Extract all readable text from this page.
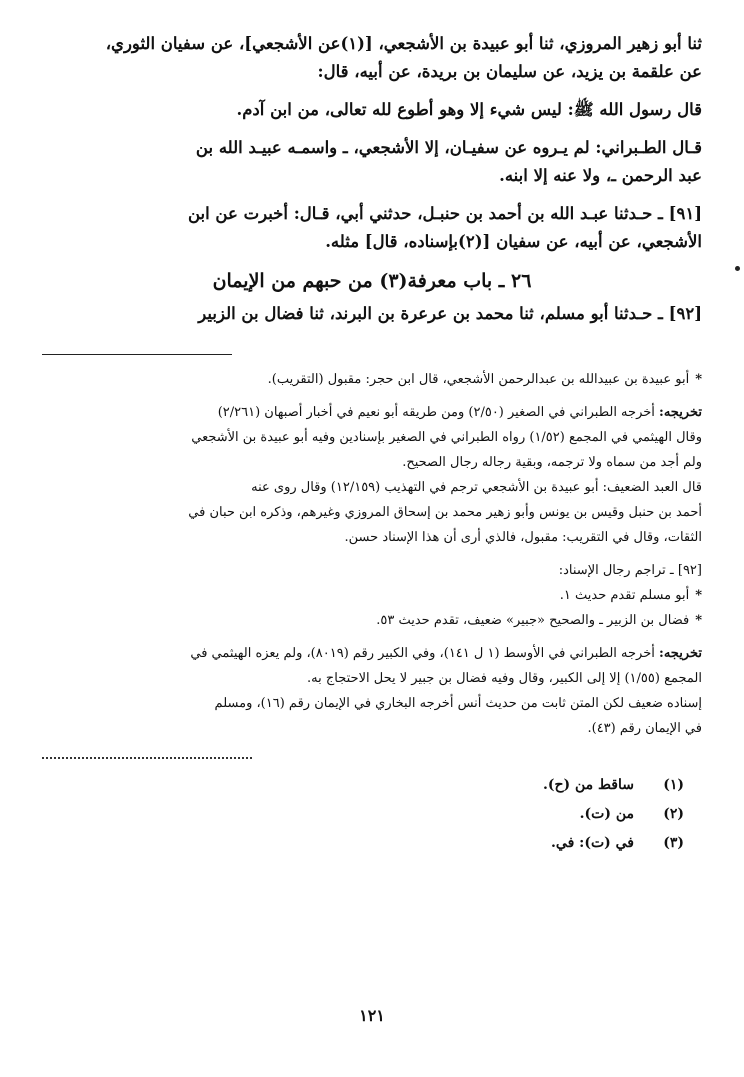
ثنا أبو زهير المروزي، ثنا أبو عبيدة بن الأشجعي، [(١)عن الأشجعي]، عن سفيان الثوري،

عن علقمة بن يزيد، عن سليمان بن بريدة، عن أبيه، قال:

قال رسول الله ﷺ: ليس شيء إلا وهو أطوع لله تعالى، من ابن آدم.

قـال الطـبراني: لم يـروه عن سفيـان، إلا الأشجعي، ـ واسمـه عبيـد الله بن

عبد الرحمن ـ، ولا عنه إلا ابنه.

[٩١] ـ حـدثنا عبـد الله بن أحمد بن حنبـل، حدثني أبي، قـال: أخبرت عن ابن

الأشجعي، عن أبيه، عن سفيان [(٢)بإسناده، قال] مثله.

٢٦ ـ باب معرفة(٣) من حبهم من الإيمان

[٩٢] ـ حـدثنا أبو مسلم، ثنا محمد بن عرعرة بن البرند، ثنا فضال بن الزبير

*أبو عبيدة بن عبيدالله بن عبدالرحمن الأشجعي، قال ابن حجر: مقبول (التقريب).

تخريجه: أخرجه الطبراني في الصغير (٢/٥٠) ومن طريقه أبو نعيم في أخبار أصبهان (٢/٢٦١)

وقال الهيثمي في المجمع (١/٥٢) رواه الطبراني في الصغير بإسنادين وفيه أبو عبيدة بن الأشجعي

ولم أجد من سماه ولا ترجمه، وبقية رجاله رجال الصحيح.

قال العبد الضعيف: أبو عبيدة بن الأشجعي ترجم في التهذيب (١٢/١٥٩) وقال روى عنه

أحمد بن حنبل وقيس بن يونس وأبو زهير محمد بن إسحاق المروزي وغيرهم، وذكره ابن حبان في

الثقات، وقال في التقريب: مقبول، فالذي أرى أن هذا الإسناد حسن.

[٩٢] ـ تراجم رجال الإسناد:

*أبو مسلم تقدم حديث ١.

*فضال بن الزبير ـ والصحيح «جبير» ضعيف، تقدم حديث ٥٣.

تخريجه: أخرجه الطبراني في الأوسط (١ ل ١٤١)، وفي الكبير رقم (٨٠١٩)، ولم يعزه الهيثمي في

المجمع (١/٥٥) إلا إلى الكبير، وقال وفيه فضال بن جبير لا يحل الاحتجاج به.

إسناده ضعيف لكن المتن ثابت من حديث أنس أخرجه البخاري في الإيمان رقم (١٦)، ومسلم

في الإيمان رقم (٤٣).

(١)
ساقط من (ح).
(٢)
من (ت).
(٣)
في (ت): في.
١٢١
